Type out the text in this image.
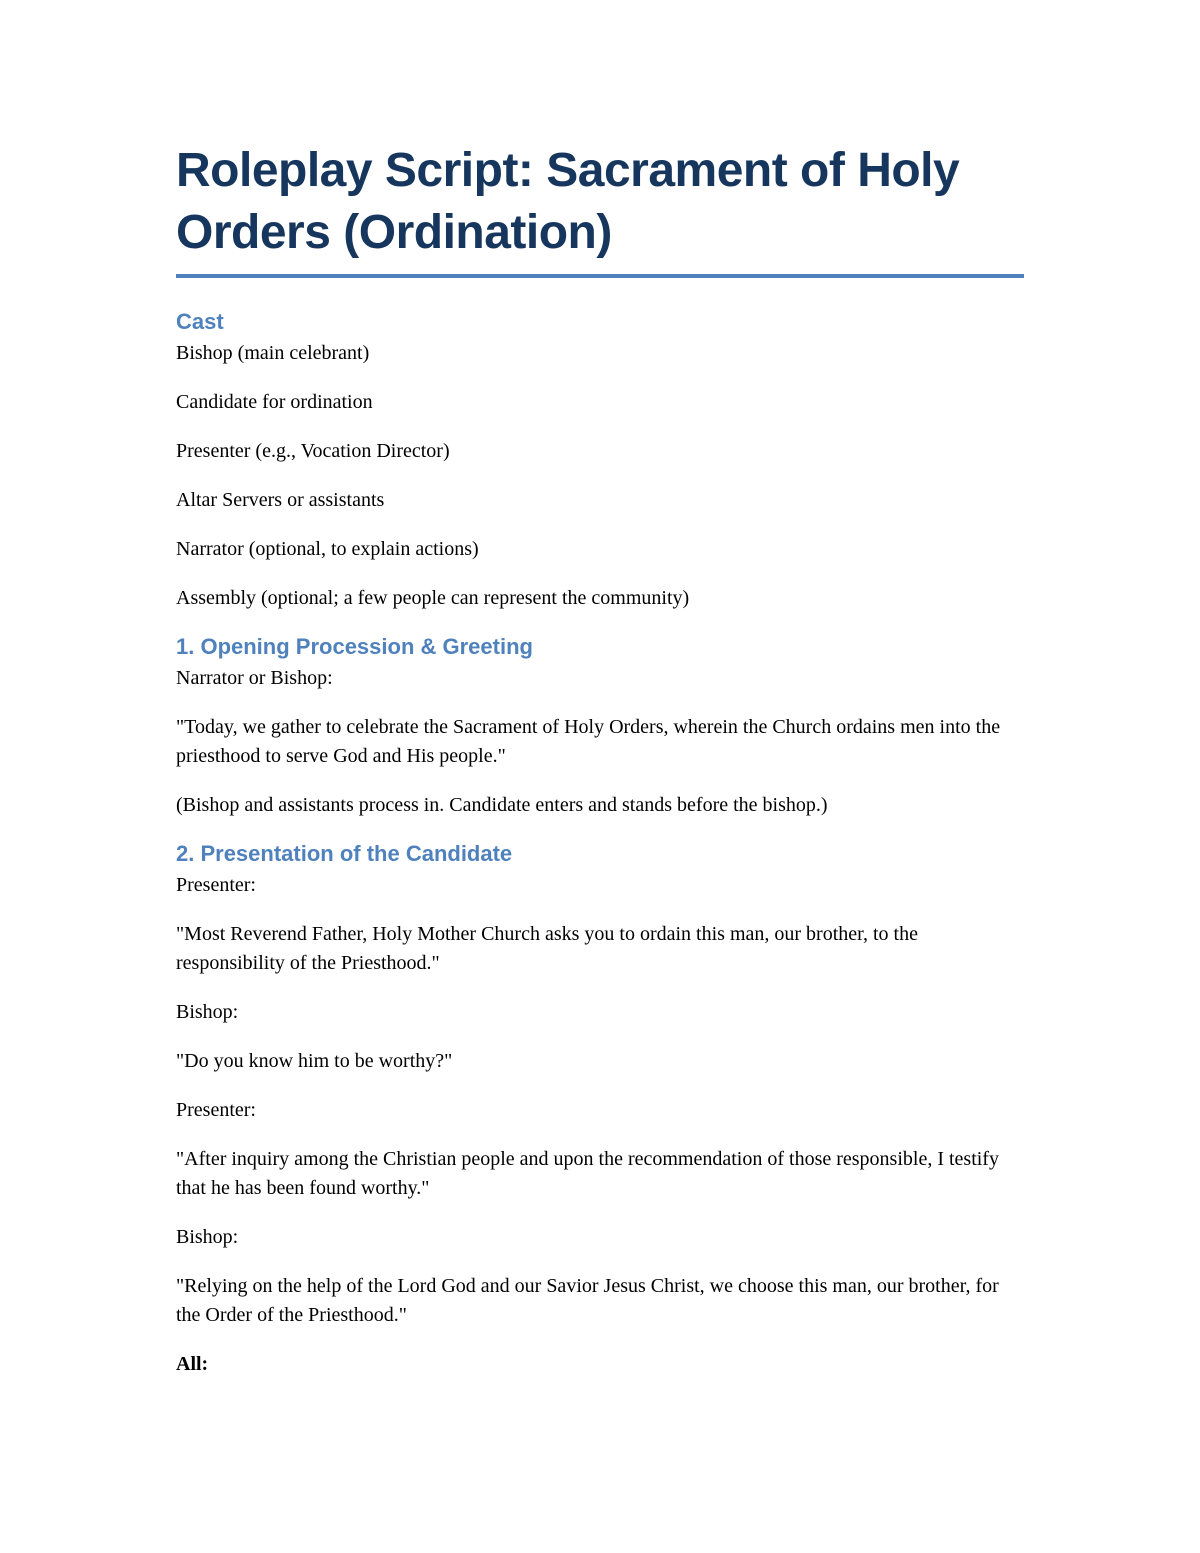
Roleplay Script: Sacrament of Holy Orders (Ordination)
Cast

Bishop (main celebrant)

Candidate for ordination

Presenter (e.g., Vocation Director)

Altar Servers or assistants

Narrator (optional, to explain actions)

Assembly (optional; a few people can represent the community)

1. Opening Procession & Greeting

Narrator or Bishop:

"Today, we gather to celebrate the Sacrament of Holy Orders, wherein the Church ordains men into the priesthood to serve God and His people."

(Bishop and assistants process in. Candidate enters and stands before the bishop.)

2. Presentation of the Candidate

Presenter:

"Most Reverend Father, Holy Mother Church asks you to ordain this man, our brother, to the responsibility of the Priesthood."

Bishop:

"Do you know him to be worthy?"

Presenter:

"After inquiry among the Christian people and upon the recommendation of those responsible, I testify that he has been found worthy."

Bishop:

"Relying on the help of the Lord God and our Savior Jesus Christ, we choose this man, our brother, for the Order of the Priesthood."

All:
